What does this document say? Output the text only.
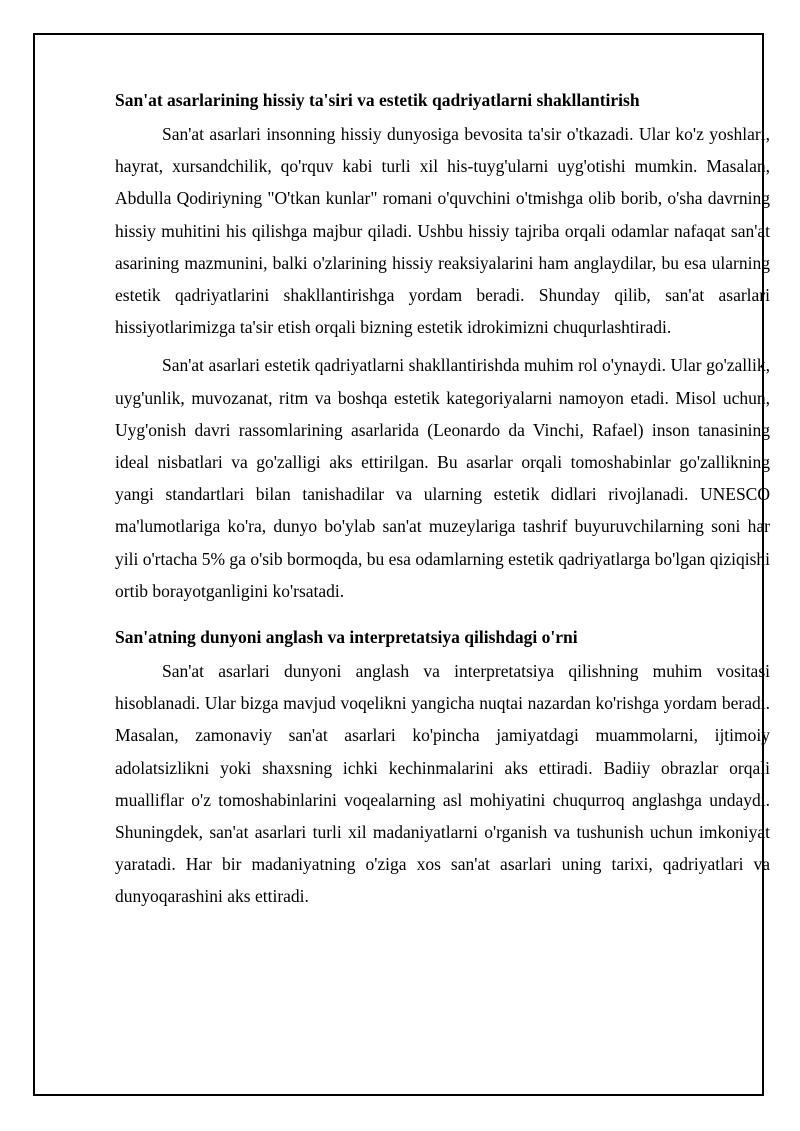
San'at asarlarining hissiy ta'siri va estetik qadriyatlarni shakllantirish

San'at asarlari insonning hissiy dunyosiga bevosita ta'sir o'tkazadi. Ular ko'z yoshlari, hayrat, xursandchilik, qo'rquv kabi turli xil his-tuyg'ularni uyg'otishi mumkin. Masalan, Abdulla Qodiriyning "O'tkan kunlar" romani o'quvchini o'tmishga olib borib, o'sha davrning hissiy muhitini his qilishga majbur qiladi. Ushbu hissiy tajriba orqali odamlar nafaqat san'at asarining mazmunini, balki o'zlarining hissiy reaksiyalarini ham anglaydilar, bu esa ularning estetik qadriyatlarini shakllantirishga yordam beradi. Shunday qilib, san'at asarlari hissiyotlarimizga ta'sir etish orqali bizning estetik idrokimizni chuqurlashtiradi.

San'at asarlari estetik qadriyatlarni shakllantirishda muhim rol o'ynaydi. Ular go'zallik, uyg'unlik, muvozanat, ritm va boshqa estetik kategoriyalarni namoyon etadi. Misol uchun, Uyg'onish davri rassomlarining asarlarida (Leonardo da Vinchi, Rafael) inson tanasining ideal nisbatlari va go'zalligi aks ettirilgan. Bu asarlar orqali tomoshabinlar go'zallikning yangi standartlari bilan tanishadilar va ularning estetik didlari rivojlanadi. UNESCO ma'lumotlariga ko'ra, dunyo bo'ylab san'at muzeylariga tashrif buyuruvchilarning soni har yili o'rtacha 5% ga o'sib bormoqda, bu esa odamlarning estetik qadriyatlarga bo'lgan qiziqishi ortib borayotganligini ko'rsatadi.

San'atning dunyoni anglash va interpretatsiya qilishdagi o'rni

San'at asarlari dunyoni anglash va interpretatsiya qilishning muhim vositasi hisoblanadi. Ular bizga mavjud voqelikni yangicha nuqtai nazardan ko'rishga yordam beradi. Masalan, zamonaviy san'at asarlari ko'pincha jamiyatdagi muammolarni, ijtimoiy adolatsizlikni yoki shaxsning ichki kechinmalarini aks ettiradi. Badiiy obrazlar orqali mualliflar o'z tomoshabinlarini voqealarning asl mohiyatini chuqurroq anglashga undaydi. Shuningdek, san'at asarlari turli xil madaniyatlarni o'rganish va tushunish uchun imkoniyat yaratadi. Har bir madaniyatning o'ziga xos san'at asarlari uning tarixi, qadriyatlari va dunyoqarashini aks ettiradi.
